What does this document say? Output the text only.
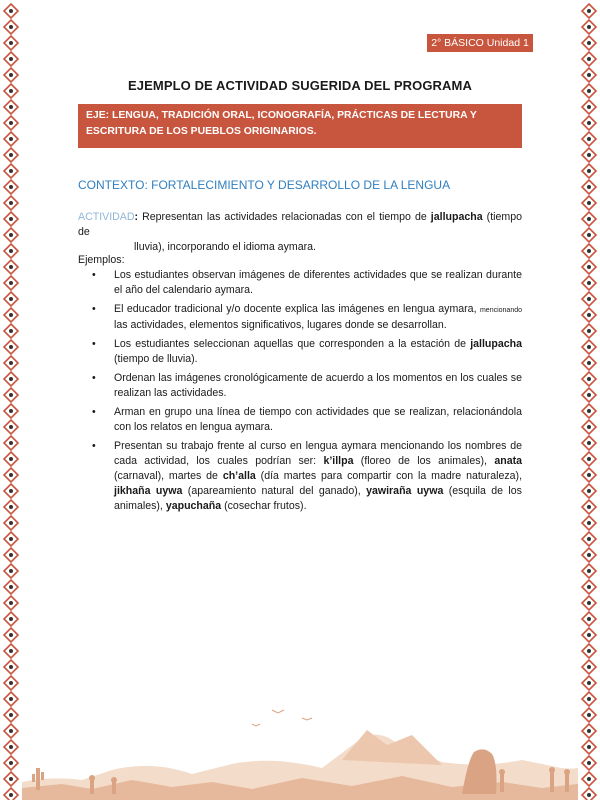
2° BÁSICO Unidad 1
EJEMPLO DE ACTIVIDAD SUGERIDA DEL PROGRAMA
EJE: LENGUA, TRADICIÓN ORAL, ICONOGRAFÍA, PRÁCTICAS DE LECTURA Y ESCRITURA DE LOS PUEBLOS ORIGINARIOS.
CONTEXTO: FORTALECIMIENTO Y DESARROLLO DE LA LENGUA
ACTIVIDAD: Representan las actividades relacionadas con el tiempo de jallupacha (tiempo de
lluvia), incorporando el idioma aymara.
Ejemplos:
• Los estudiantes observan imágenes de diferentes actividades que se realizan durante el año del calendario aymara.
• El educador tradicional y/o docente explica las imágenes en lengua aymara, mencionando las actividades, elementos significativos, lugares donde se desarrollan.
• Los estudiantes seleccionan aquellas que corresponden a la estación de jallupacha (tiempo de lluvia).
• Ordenan las imágenes cronológicamente de acuerdo a los momentos en los cuales se realizan las actividades.
• Arman en grupo una línea de tiempo con actividades que se realizan, relacionándola con los relatos en lengua aymara.
• Presentan su trabajo frente al curso en lengua aymara mencionando los nombres de cada actividad, los cuales podrían ser: k’illpa (floreo de los animales), anata (carnaval), martes de ch’alla (día martes para compartir con la madre naturaleza), jikhaña uywa (apareamiento natural del ganado), yawiraña uywa (esquila de los animales), yapuchaña (cosechar frutos).
